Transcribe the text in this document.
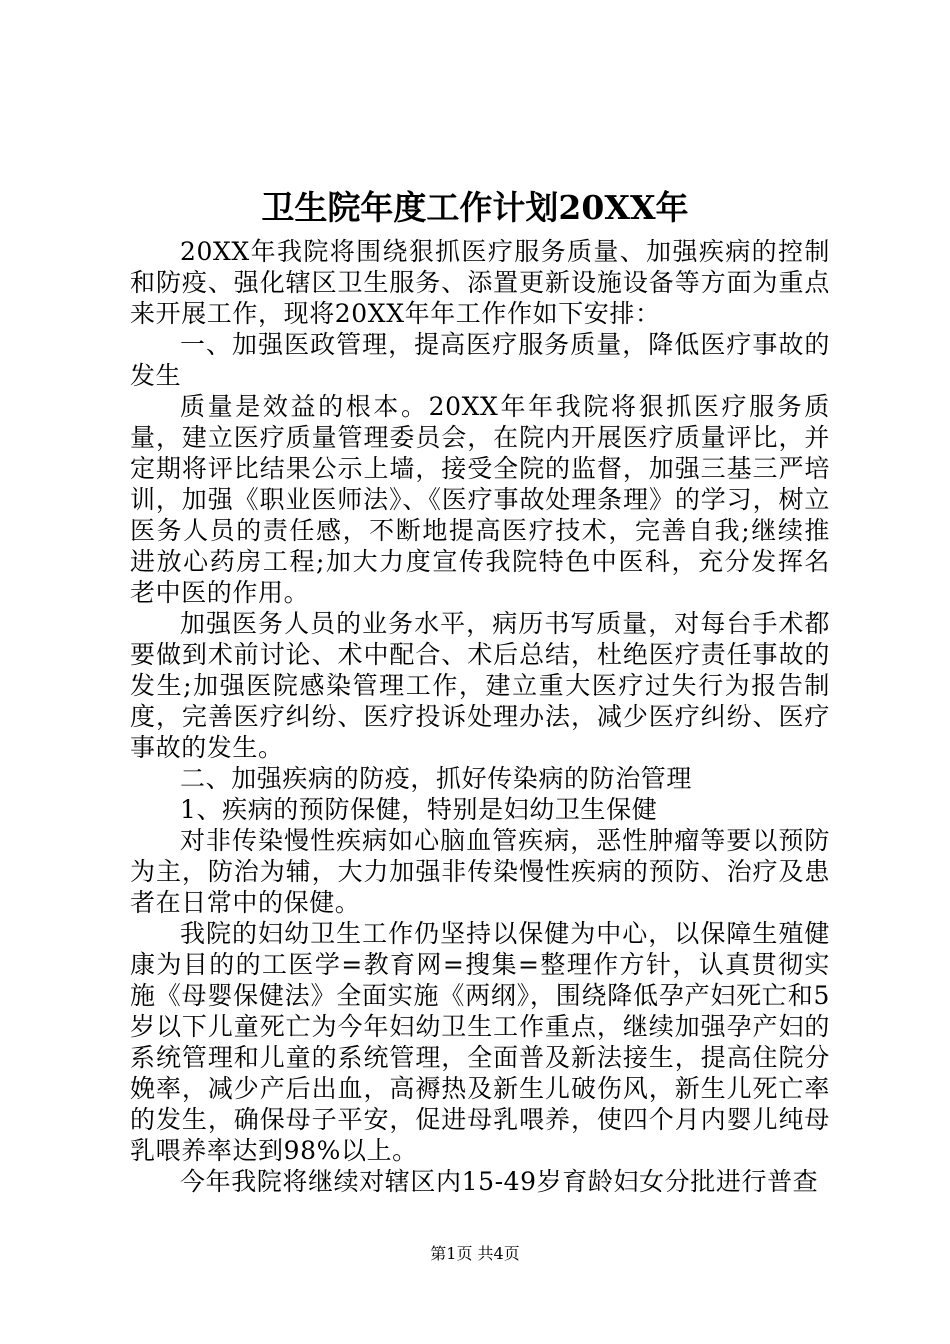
卫生院年度工作计划20XX年

20XX年我院将围绕狠抓医疗服务质量、加强疾病的控制和防疫、强化辖区卫生服务、添置更新设施设备等方面为重点来开展工作，现将20XX年年工作作如下安排：

一、加强医政管理，提高医疗服务质量，降低医疗事故的发生

质量是效益的根本。20XX年年我院将狠抓医疗服务质量，建立医疗质量管理委员会，在院内开展医疗质量评比，并定期将评比结果公示上墙，接受全院的监督，加强三基三严培训，加强《职业医师法》、《医疗事故处理条理》的学习，树立医务人员的责任感，不断地提高医疗技术，完善自我;继续推进放心药房工程;加大力度宣传我院特色中医科，充分发挥名老中医的作用。

加强医务人员的业务水平，病历书写质量，对每台手术都要做到术前讨论、术中配合、术后总结，杜绝医疗责任事故的发生;加强医院感染管理工作，建立重大医疗过失行为报告制度，完善医疗纠纷、医疗投诉处理办法，减少医疗纠纷、医疗事故的发生。

二、加强疾病的防疫，抓好传染病的防治管理

1、疾病的预防保健，特别是妇幼卫生保健

对非传染慢性疾病如心脑血管疾病，恶性肿瘤等要以预防为主，防治为辅，大力加强非传染慢性疾病的预防、治疗及患者在日常中的保健。

我院的妇幼卫生工作仍坚持以保健为中心，以保障生殖健康为目的的工医学=教育网=搜集=整理作方针，认真贯彻实施《母婴保健法》全面实施《两纲》，围绕降低孕产妇死亡和5岁以下儿童死亡为今年妇幼卫生工作重点，继续加强孕产妇的系统管理和儿童的系统管理，全面普及新法接生，提高住院分娩率，减少产后出血，高褥热及新生儿破伤风，新生儿死亡率的发生，确保母子平安，促进母乳喂养，使四个月内婴儿纯母乳喂养率达到98%以上。

今年我院将继续对辖区内15-49岁育龄妇女分批进行普查

第1页 共4页
